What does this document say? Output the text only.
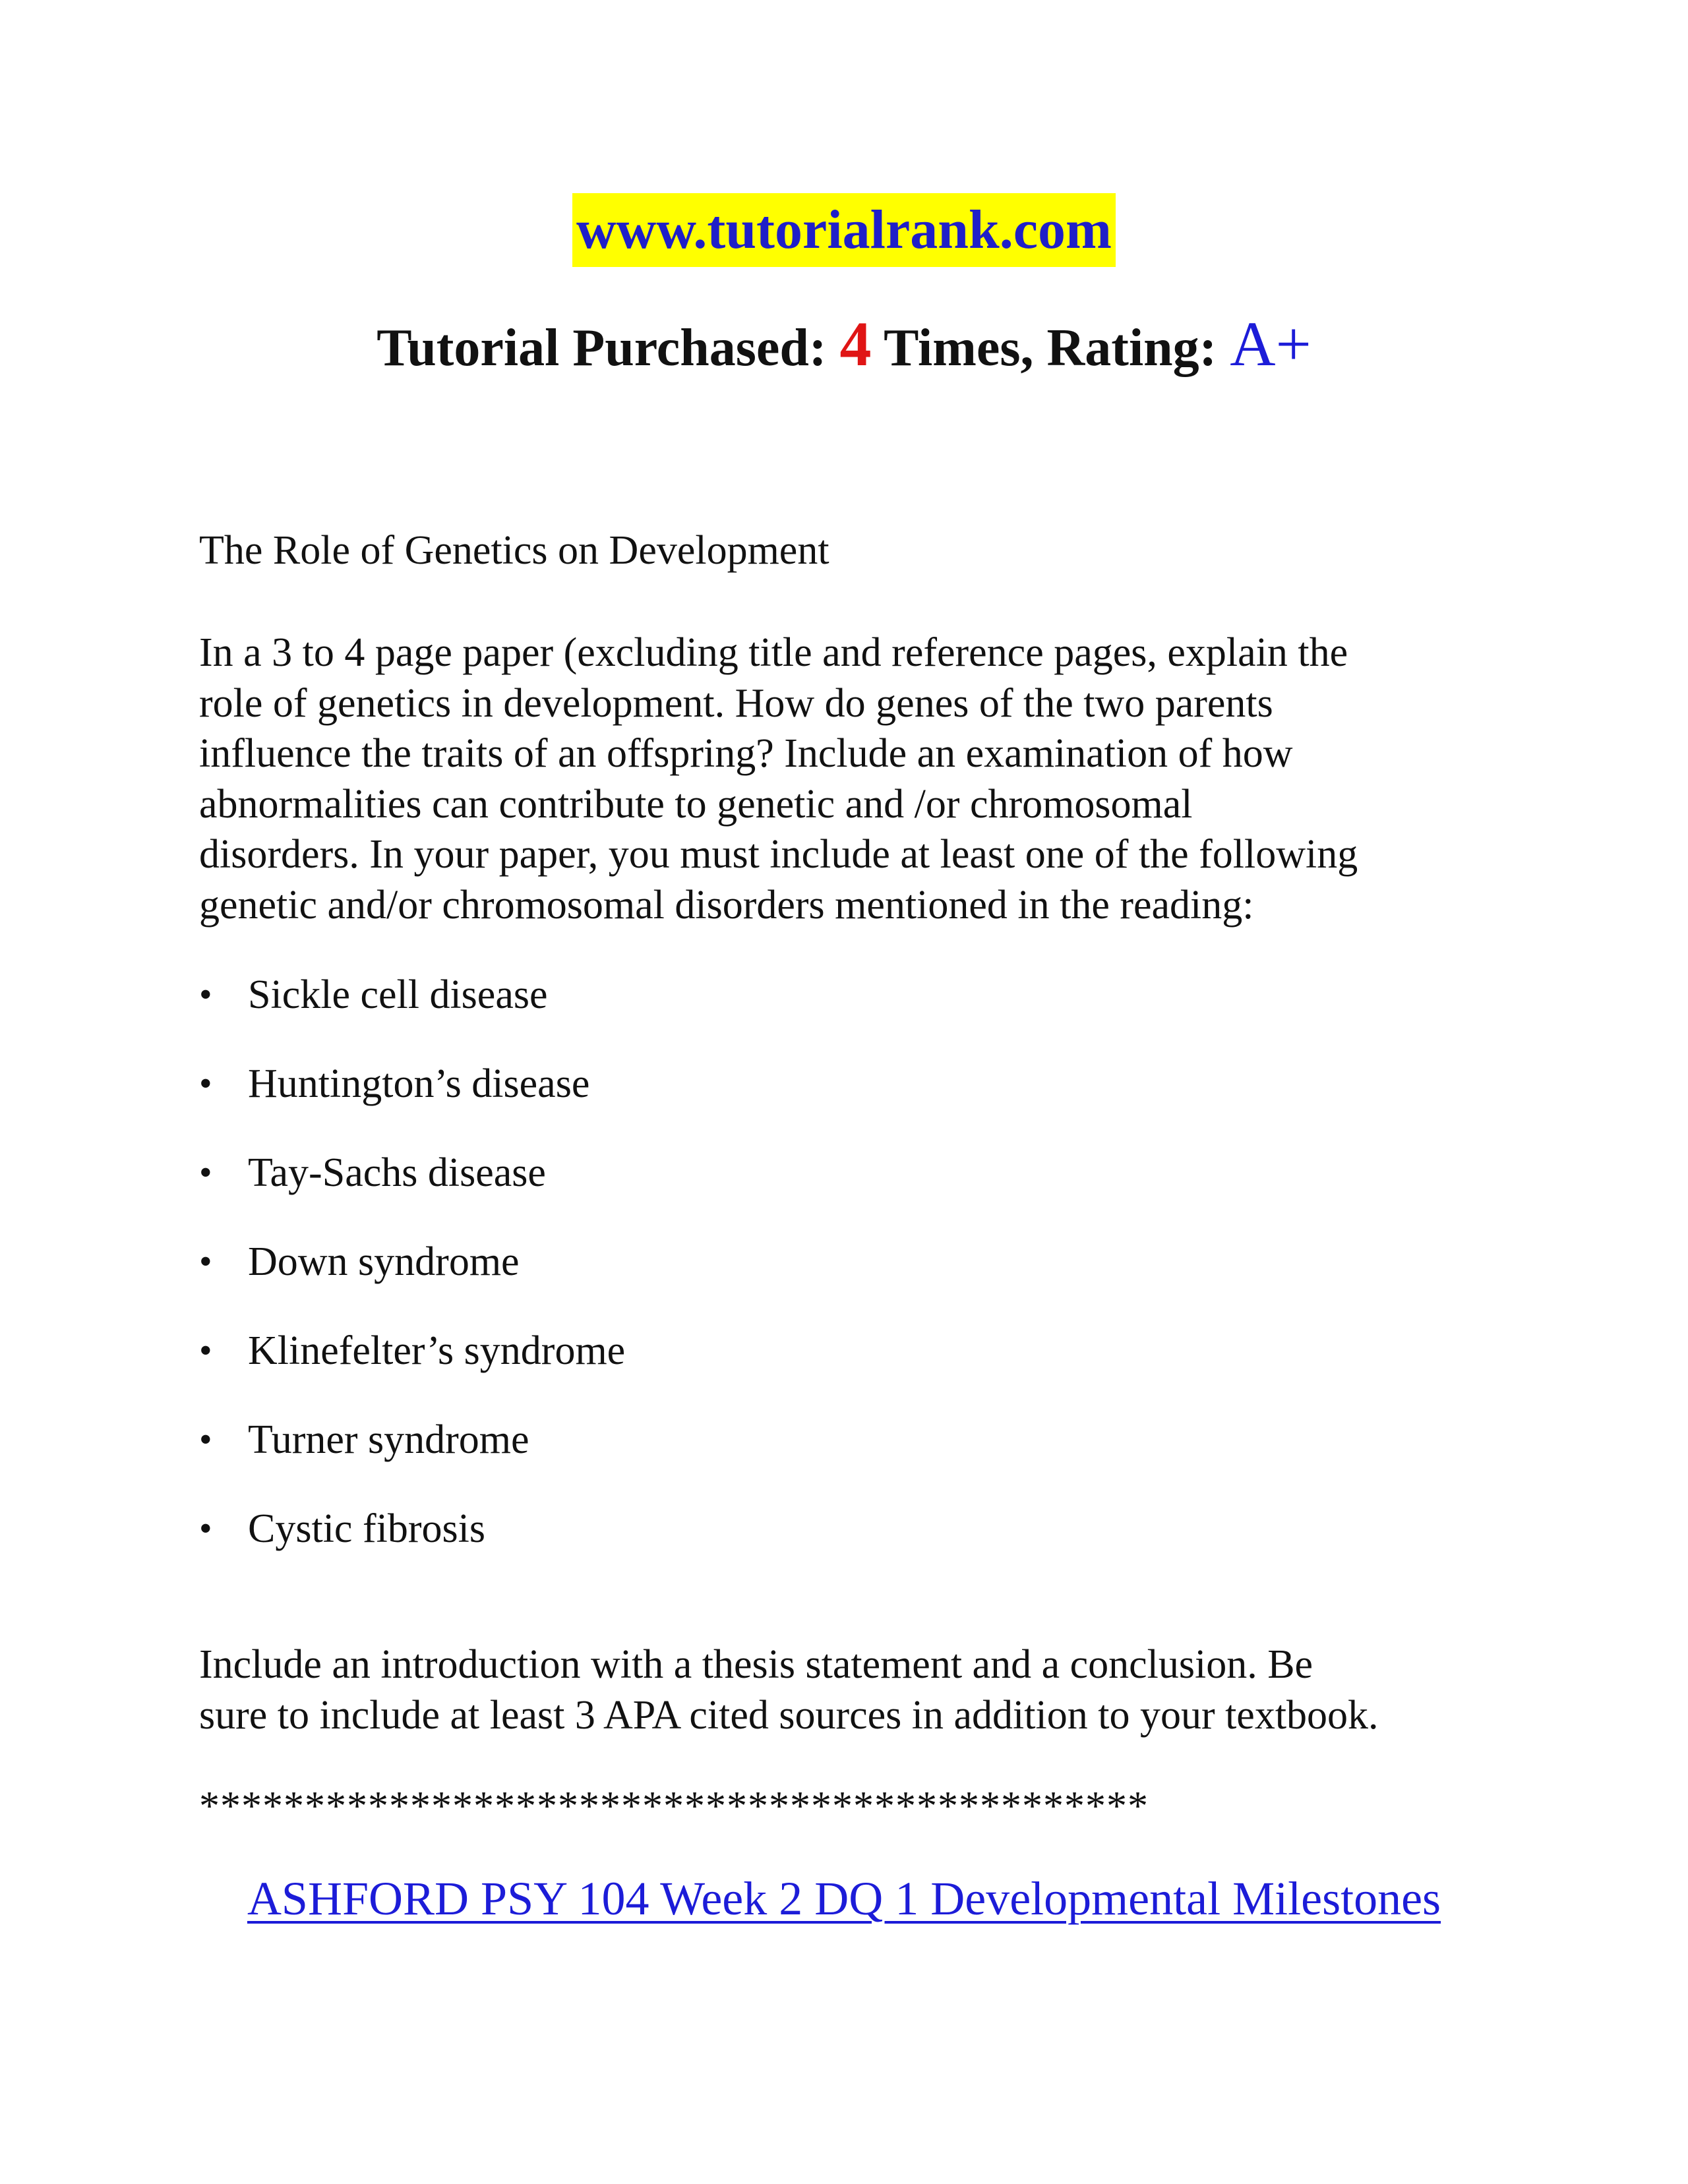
www.tutorialrank.com
Tutorial Purchased: 4 Times, Rating: A+
The Role of Genetics on Development
In a 3 to 4 page paper (excluding title and reference pages, explain the
role of genetics in development. How do genes of the two parents
influence the traits of an offspring? Include an examination of how
abnormalities can contribute to genetic and /or chromosomal
disorders. In your paper, you must include at least one of the following
genetic and/or chromosomal disorders mentioned in the reading:
• Sickle cell disease
• Huntington’s disease
• Tay-Sachs disease
• Down syndrome
• Klinefelter’s syndrome
• Turner syndrome
• Cystic fibrosis
Include an introduction with a thesis statement and a conclusion. Be
sure to include at least 3 APA cited sources in addition to your textbook.
*********************************************
ASHFORD PSY 104 Week 2 DQ 1 Developmental Milestones
